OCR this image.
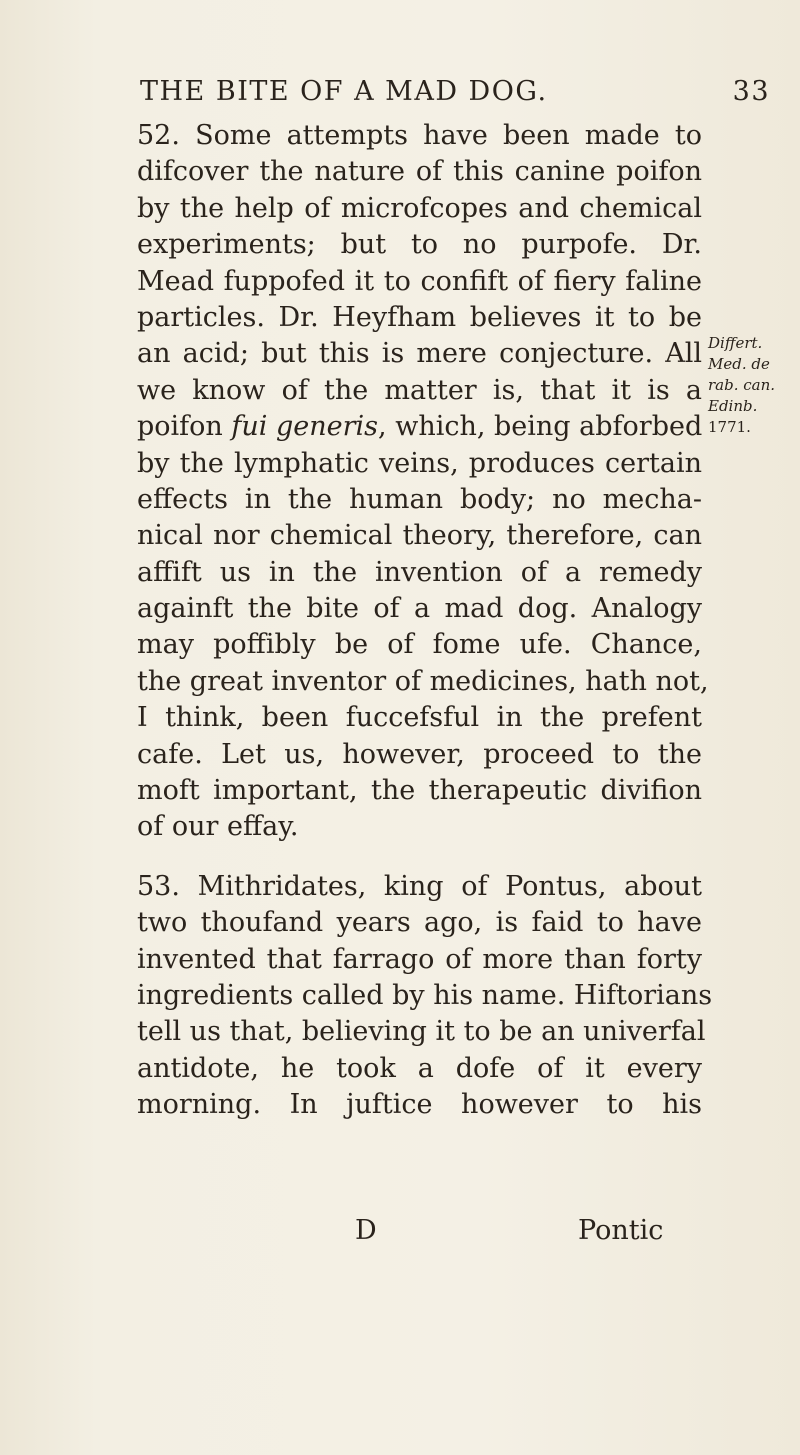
THE BITE OF A MAD DOG.	33
52. Some attempts have been made to
difcover the nature of this canine poifon
by the help of microfcopes and chemical
experiments; but to no purpofe. Dr.
Mead fuppofed it to confift of fiery faline
particles. Dr. Heyfham believes it to be
an acid; but this is mere conjecture. All
we know of the matter is, that it is a
poifon fui generis, which, being abforbed
by the lymphatic veins, produces certain
effects in the human body; no mecha-
nical nor chemical theory, therefore, can
affift us in the invention of a remedy
againft the bite of a mad dog. Analogy
may poffibly be of fome ufe. Chance,
the great inventor of medicines, hath not,
I think, been fuccefsful in the prefent
cafe. Let us, however, proceed to the
moft important, the therapeutic divifion
of our effay.
53. Mithridates, king of Pontus, about
two thoufand years ago, is faid to have
invented that farrago of more than forty
ingredients called by his name. Hiftorians
tell us that, believing it to be an univerfal
antidote, he took a dofe of it every
morning. In juftice however to his
Differt.
Med. de
rab. can.
Edinb.
1771.
D	Pontic
